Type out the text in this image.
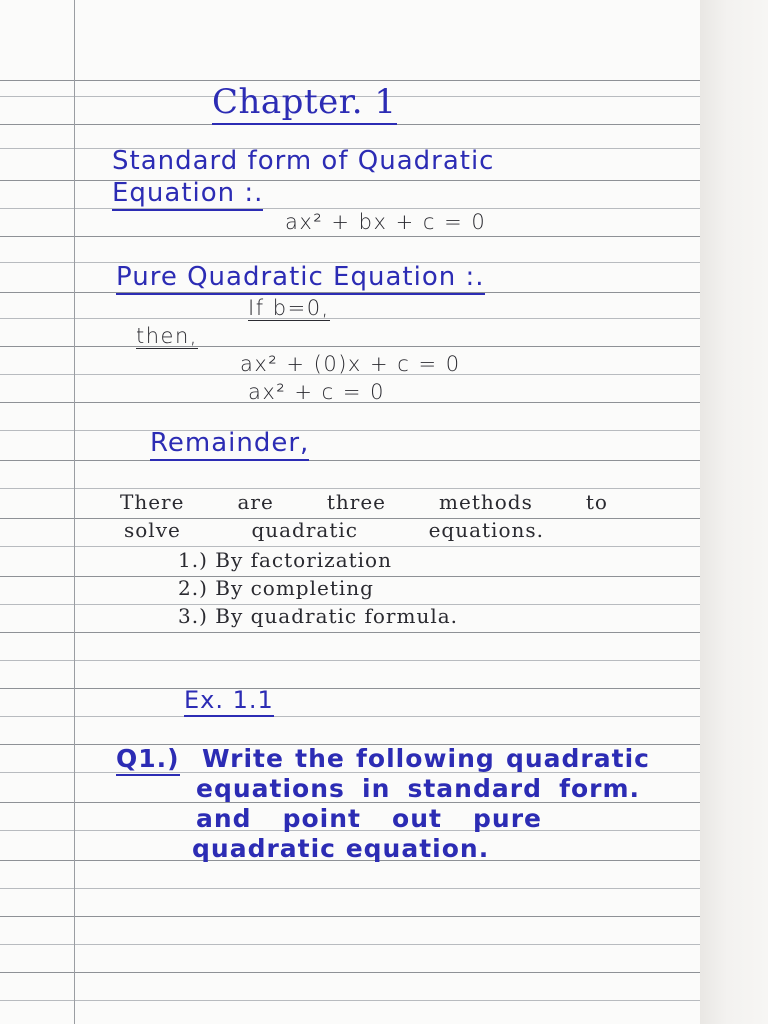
Chapter. 1
Standard form of Quadratic
Equation :.
ax² + bx + c = 0
Pure Quadratic Equation :.
If b=0,
then,
ax² + (0)x + c = 0
ax² + c = 0
Remainder,
There	are	three	methods	to
solve	quadratic	equations.
1.) By factorization
2.) By completing
3.) By quadratic formula.
Ex. 1.1
Q1.) Write the following quadratic
equations in standard form.
and point out pure
quadratic equation.
